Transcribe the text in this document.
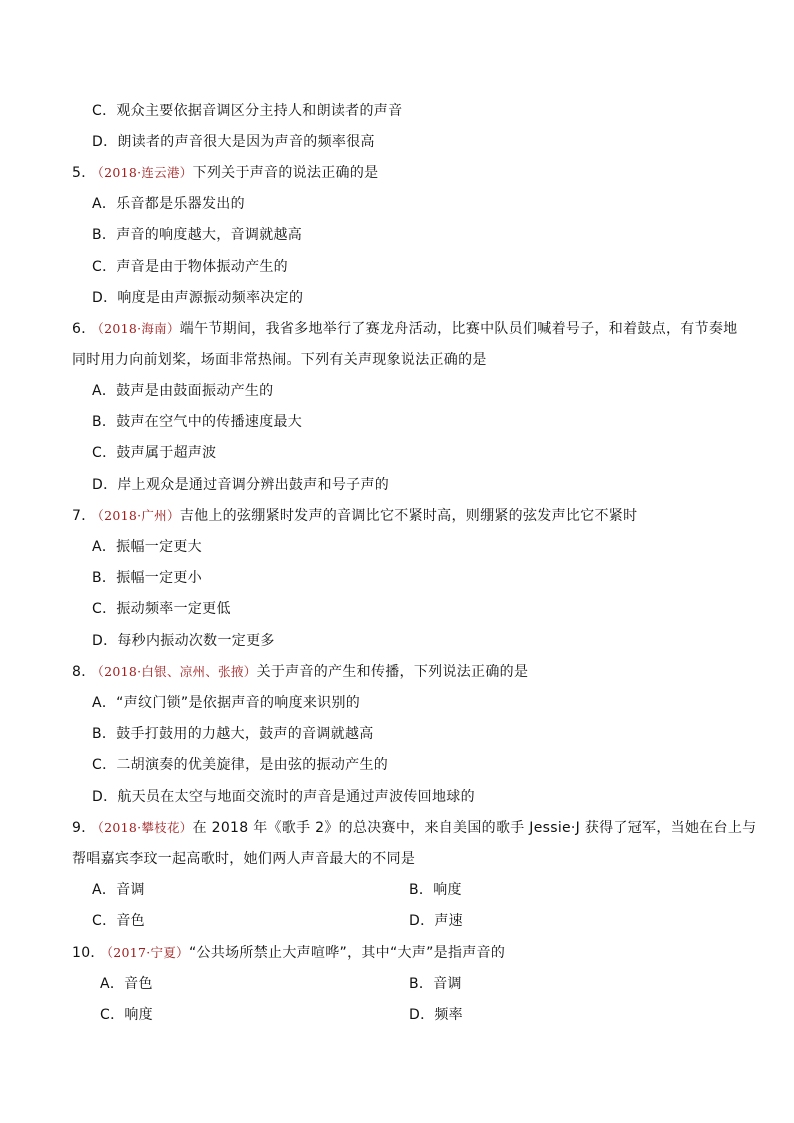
C．观众主要依据音调区分主持人和朗读者的声音
D．朗读者的声音很大是因为声音的频率很高
5． （2018·连云港）下列关于声音的说法正确的是
A．乐音都是乐器发出的
B．声音的响度越大，音调就越高
C．声音是由于物体振动产生的
D．响度是由声源振动频率决定的
6． （2018·海南）端午节期间，我省多地举行了赛龙舟活动，比赛中队员们喊着号子，和着鼓点，有节奏地
同时用力向前划桨，场面非常热闹。下列有关声现象说法正确的是
A．鼓声是由鼓面振动产生的
B．鼓声在空气中的传播速度最大
C．鼓声属于超声波
D．岸上观众是通过音调分辨出鼓声和号子声的
7． （2018·广州）吉他上的弦绷紧时发声的音调比它不紧时高，则绷紧的弦发声比它不紧时
A．振幅一定更大
B．振幅一定更小
C．振动频率一定更低
D．每秒内振动次数一定更多
8． （2018·白银、凉州、张掖）关于声音的产生和传播，下列说法正确的是
A．“声纹门锁”是依据声音的响度来识别的
B．鼓手打鼓用的力越大，鼓声的音调就越高
C．二胡演奏的优美旋律，是由弦的振动产生的
D．航天员在太空与地面交流时的声音是通过声波传回地球的
9． （2018·攀枝花）在 2018 年《歌手 2》的总决赛中，来自美国的歌手 Jessie·J 获得了冠军，当她在台上与
帮唱嘉宾李玟一起高歌时，她们两人声音最大的不同是
A．音调	B．响度
C．音色	D．声速
10． （2017·宁夏）“公共场所禁止大声喧哗”，其中“大声”是指声音的
A．音色	B．音调
C．响度	D．频率
